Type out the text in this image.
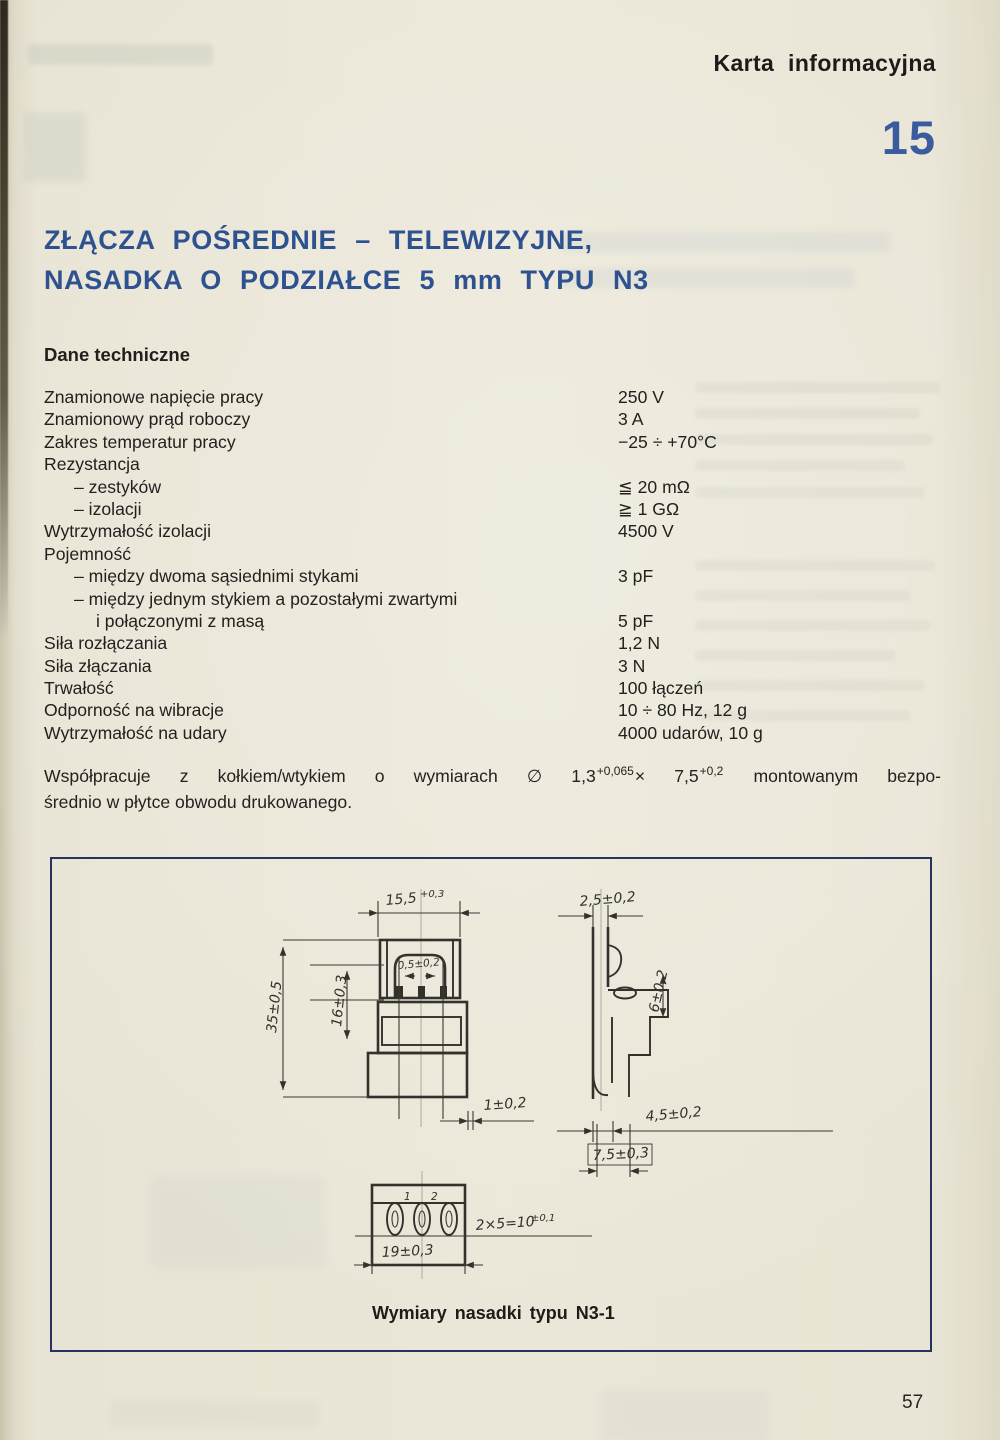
Karta informacyjna
15
ZŁĄCZA POŚREDNIE – TELEWIZYJNE,
NASADKA O PODZIAŁCE 5 mm TYPU N3
Dane techniczne
Znamionowe napięcie pracy	250 V
Znamionowy prąd roboczy	3 A
Zakres temperatur pracy	−25 ÷ +70°C
Rezystancja
– zestyków	≦ 20 mΩ
– izolacji	≧ 1 GΩ
Wytrzymałość izolacji	4500 V
Pojemność
– między dwoma sąsiednimi stykami	3 pF
– między jednym stykiem a pozostałymi zwartymi
i połączonymi z masą	5 pF
Siła rozłączania	1,2 N
Siła złączania	3 N
Trwałość	100 łączeń
Odporność na wibracje	10 ÷ 80 Hz, 12 g
Wytrzymałość na udary	4000 udarów, 10 g

Współpracuje z kołkiem/wtykiem o wymiarach ∅ $1,3^{+0,065}\times 7,5^{+0,2}$ montowanym bezpo-
średnio w płytce obwodu drukowanego.

15,5 +0,3
0,5±0,2
35±0,5	16±0,3
1±0,2
2,5±0,2
6±0,2
4,5±0,2
7,5±0,3
1 2
2×5=10
±0,1
19±0,3
Wymiary nasadki typu N3-1
57
